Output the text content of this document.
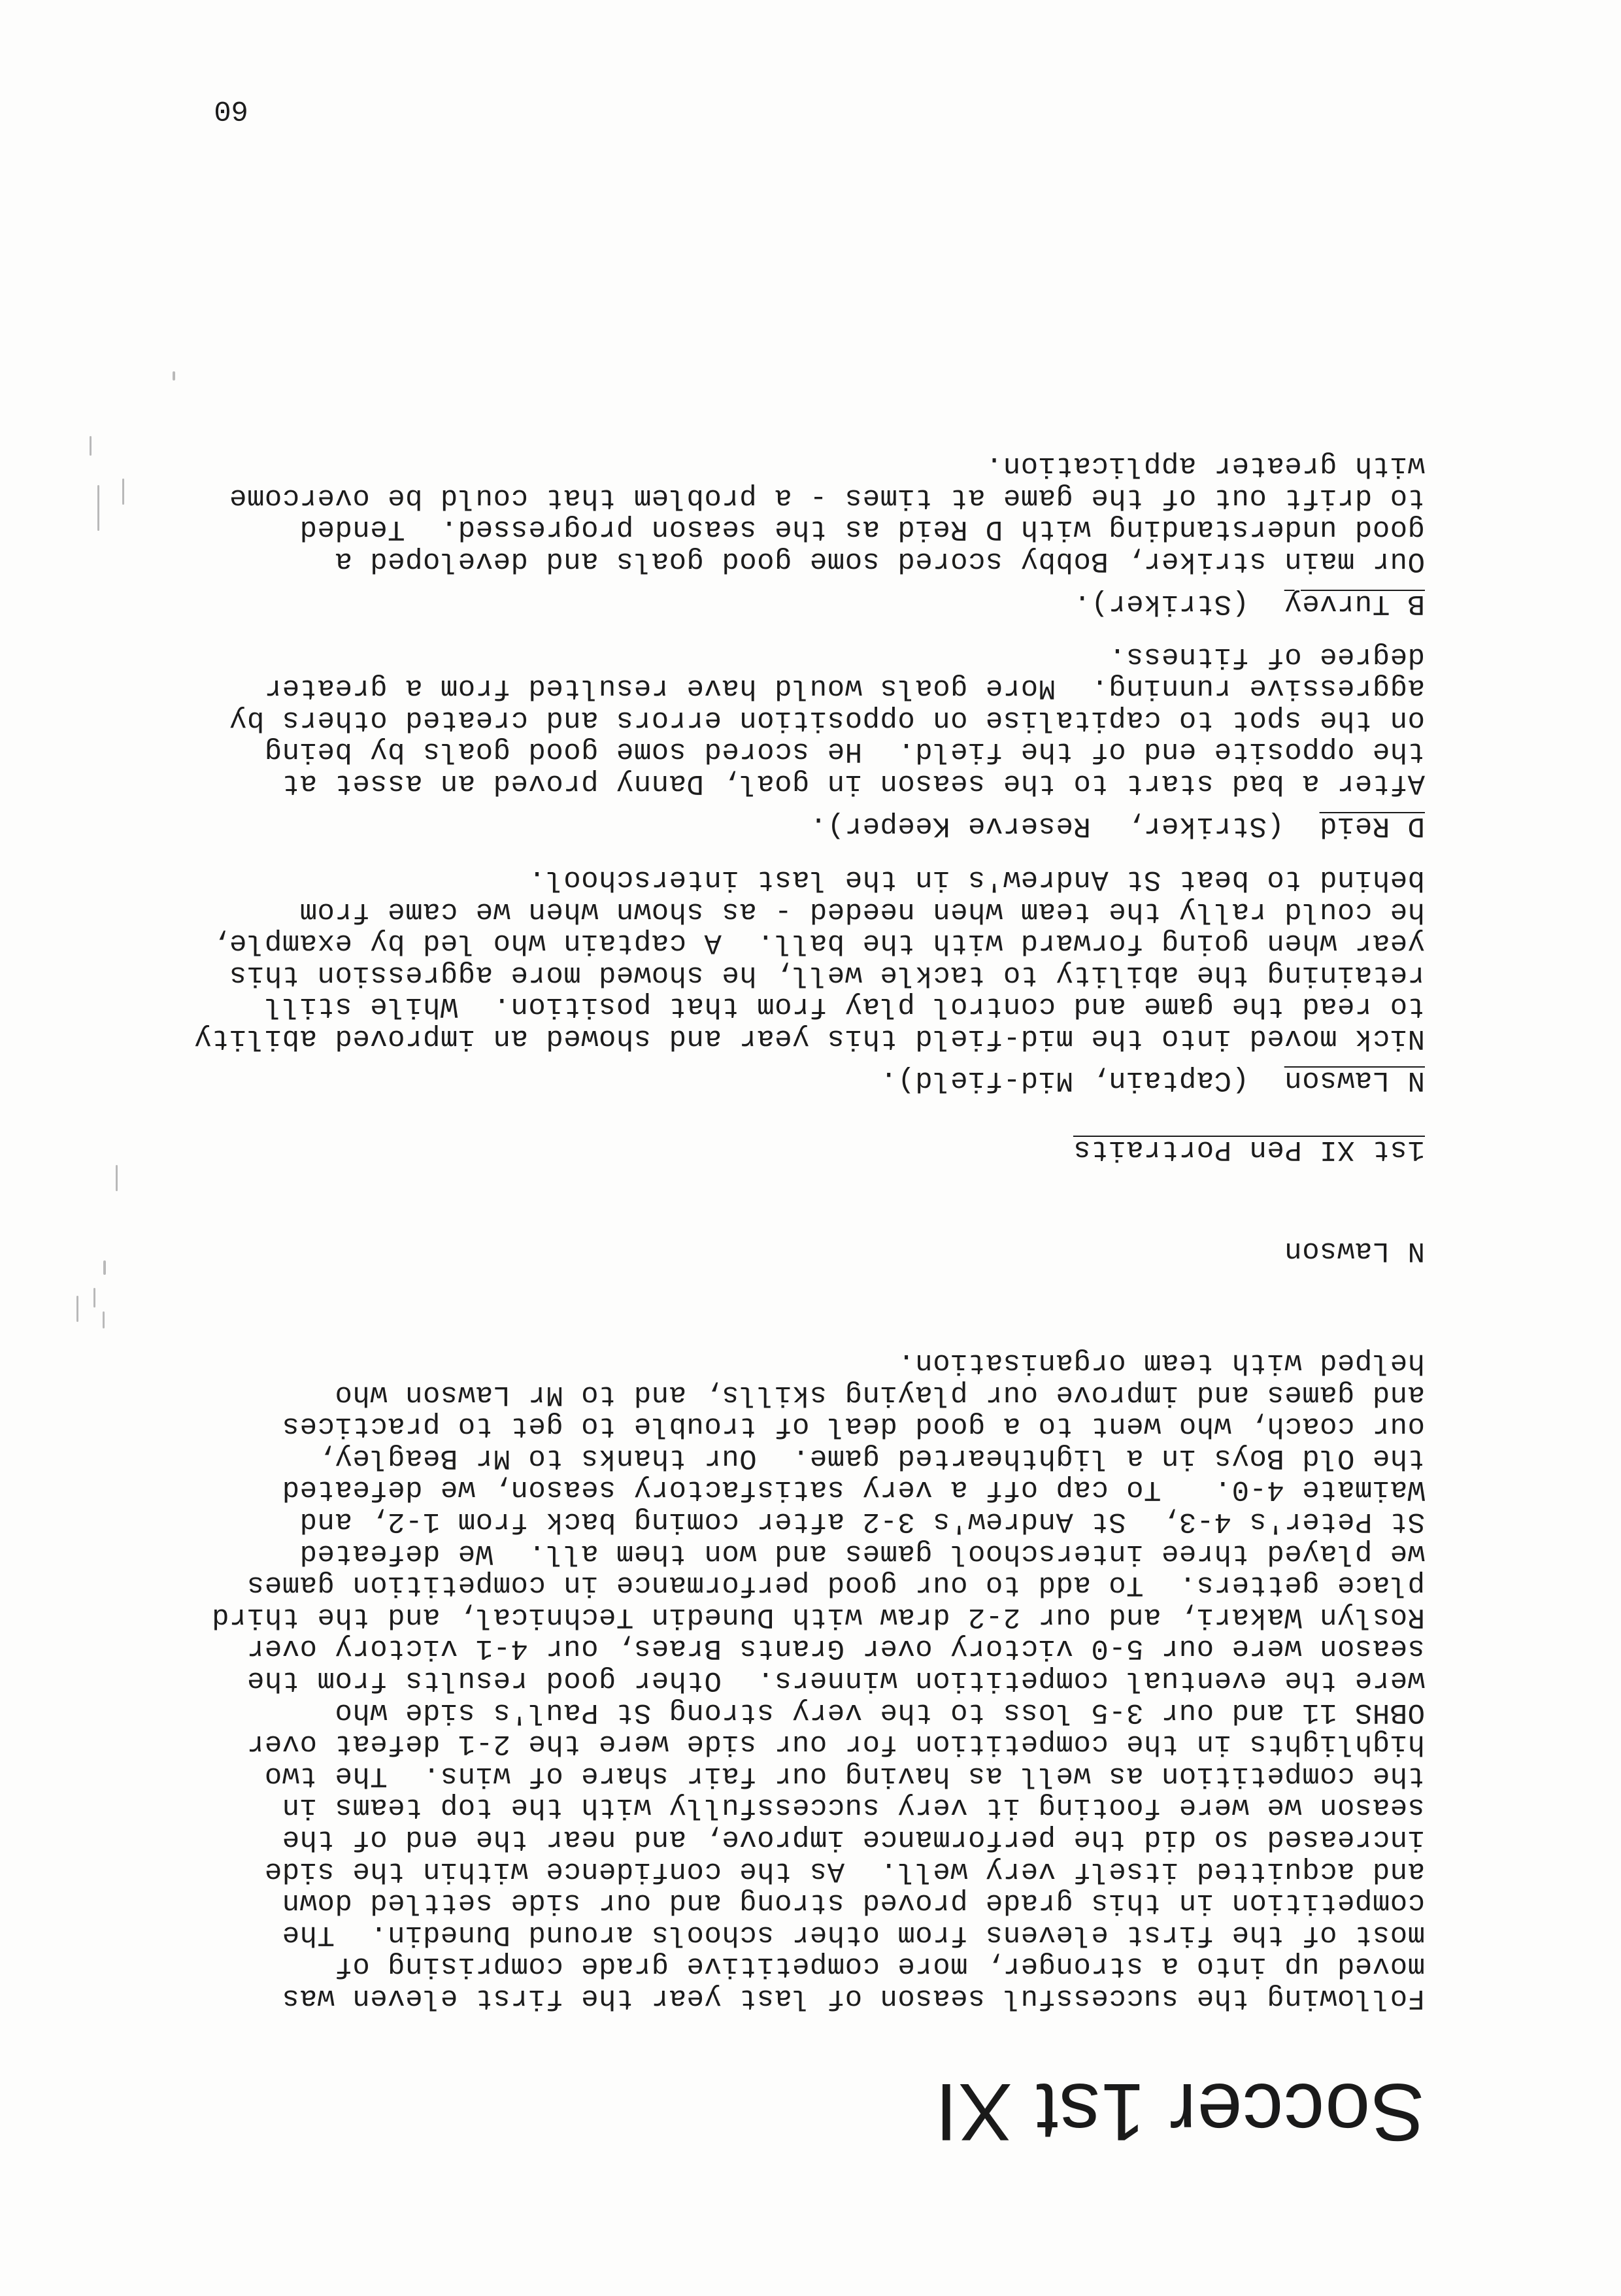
Soccer 1st XI
Following the successful season of last year the first eleven was
moved up into a stronger, more competitive grade comprising of
most of the first elevens from other schools around Dunedin.  The
competition in this grade proved strong and our side settled down
and acquitted itself very well.  As the confidence within the side
increased so did the performance improve, and near the end of the
season we were footing it very successfully with the top teams in
the competition as well as having our fair share of wins.  The two
highlights in the competition for our side were the 2-1 defeat over
OBHS 11 and our 3-5 loss to the very strong St Paul's side who
were the eventual competition winners.  Other good results from the
season were our 5-0 victory over Grants Braes, our 4-1 victory over
Roslyn Wakari, and our 2-2 draw with Dunedin Technical, and the third
place getters.  To add to our good performance in competition games
we played three interschool games and won them all.  We defeated
St Peter's 4-3,  St Andrew's 3-2 after coming back from 1-2, and
Waimate 4-0.   To cap off a very satisfactory season, we defeated
the Old Boys in a lighthearted game.  Our thanks to Mr Beagley,
our coach, who went to a good deal of trouble to get to practices
and games and improve our playing skills, and to Mr Lawson who
helped with team organisation.
N Lawson
1st XI Pen Portraits
N Lawson  (Captain, Mid-field).
Nick moved into the mid-field this year and showed an improved ability
to read the game and control play from that position.  While still
retaining the ability to tackle well, he showed more aggression this
year when going forward with the ball.  A captain who led by example,
he could rally the team when needed - as shown when we came from
behind to beat St Andrew's in the last interschool.
D Reid  (Striker,  Reserve Keeper).
After a bad start to the season in goal, Danny proved an asset at
the opposite end of the field.  He scored some good goals by being
on the spot to capitalise on opposition errors and created others by
aggressive running.  More goals would have resulted from a greater
degree of fitness.
B Turvey  (Striker).
Our main striker, Bobby scored some good goals and developed a
good understanding with D Reid as the season progressed.  Tended
to drift out of the game at times - a problem that could be overcome
with greater application.
60
